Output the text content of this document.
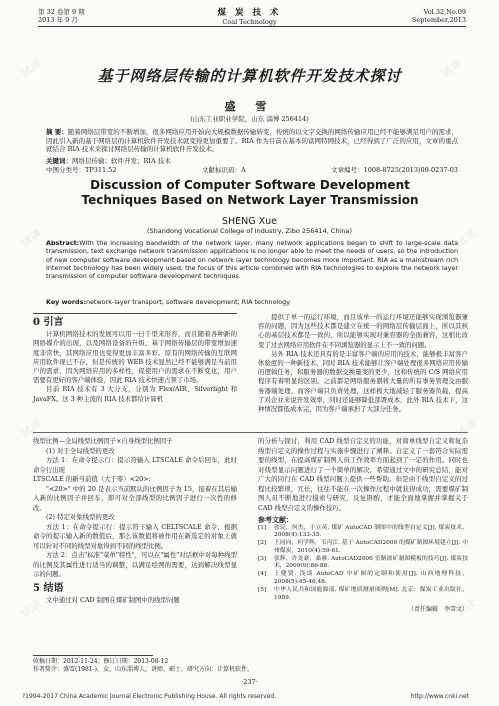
第 32 卷第 9 期
2013 年 9 月
煤 炭 技 术
Coal Technology
Vol.32,No.09
September,2013
基于网络层传输的计算机软件开发技术探讨
盛 雪
(山东工业职业学院，山东 淄博 256414)
摘 要：随着网络层带宽的不断增加，很多网络应用开始向大规模数据传输转变，传统的以文字交换的网络传输应用已经不能够满足用户的需求，因此引入新的基于网络层的计算机软件开发技术就变得更加重要了。RIA 作为目前在基本的富网特网技术，已经得到了广泛的应用，文章的重点就结合 RIA 技术来探讨网络层传输的计算机软件开发技术。
关键词：网络层传输；软件开发；RIA 技术
中图分类号：TP311.52	文献标识码：A	文章编号：1008-8725(2013)09-0237-03
Discussion of Computer Software Development Techniques Based on Network Layer Transmission
SHENG Xue
(Shandong Vocational College of Industry, Zibo 256414, China)
Abstract:With the increasing bandwidth of the network layer, many network applications began to shift to large-scale data transmission, text exchange network transmission applications is no longer able to meet the needs of users, so the introduction of new computer software development based on network layer technology becomes more important. RIA as a mainstream rich Internet technology has been widely used, the focus of this article combined with RIA technologies to explore the network layer transmission of computer software development techniques.
Key words:network-layer transport; software development; RIA technology
0 引言

计算机网络技术的发展可以用一日千里来形容，而且随着各种新的网络媒介的出现，以及网络设备的升级，基于网络传输层的带宽增加速度非常快，其网络应用也变得更加丰富多彩。原有的网络传输的互联网应用软件现已不存，但是传统的 WEB 技术显然已经不能够满足当前用户的需求，因为网络应用的多样性，促使用户的需求在不断变化，用户需要有更好的客户端体验，因此 RIA 技术快速占领了市场。

目前 RIA 技术有 3 大分支，分别为 Flex/AIR、Silverlight 和 JavaFX。这 3 种主流的 RIA 技术都给计算机

提供了单一的运行环境，而且该单一的运行环境还能够实现浏览器兼容的问题，因为这些技术都是建立在统一的网络层传输层面上，所以其核心的基层技术都是一致的，所以能够实现对兼容器的全面兼容，这相比改变了过去网络应用软件在不同浏览器的显示上不一致的问题。

另外 RIA 技术还具有的是丰富客户端的应用的技术，能够极丰富客户体验度的一种新技术，同时 RIA 技术能够让客户端处理很多网络应用传输的逻辑任务，和服务器的数据交换量变的更少，这和传统的 C/S 网络应用程序有着明显的区别。之前都是网络服务器将大量的所有事务管理交由服务器端处理，而客户端只负责处理，这样极大地减轻了服务器负载，提高了对企业来说开发效率，同时还能够降低部署成本，此外 RIA 技术下，这种情况都低成本完，因为客户端承担了大部分任务。

线型比例—全局线型比例因子×自身线型比例因子

(1) 对于全局线型的更改

方法 1：在命令提示行：提示符输入 LTSCALE 命令后回车，此时命令行出现

LTSCALE 的新当前值（大于零）<20>:

"<20>" 中的 20 是表示当前默认的比例因子为 15，接着在其后输入新的比例因子并回车，即可对全部线型的比例因子进行一次性的修改。

(2) 特定对象线型的更改

方法 1：在命令提示行：提示符下输入 CELTSCALE 命令，根据命令的提示输入新的数值后，那么该数值将被作用在新选定的对象上就可以针对不同的线型对象得到不同的线型比例。

方法 2：点击"标准"菜单"特性"，可以在"属性"对话框中对每种线型的比例及其属性进行适当的调整，以满足绘图的需要，达到解决线型显示的问题。

5 结语

文中通过对 CAD 制图在煤矿制图中的线型问题

的分析与探讨，利用 CAD 线型自定义的功能，对简单线型自定义和复杂线型自定义的操作过程与实施步骤进行了阐释。自定义了一套符合实际需要的线型，在提高煤矿制图人员工作效率方面起到了一定的作用。同时也对线型显示问题进行了一个简单的解决。希望通过文中的研究总结，能对广大的同行在 CAD 线型问题上提供一些帮助。但是由于线型自定义的过程比较繁琐，冗长，往往不能在一次操作过程中就获得成功，需要煤矿制图人员不断地进行摸索与研究，反复斟酌，才能全面地掌握并掌握关于 CAD 线型自定义的操作技巧。

参考文献：
[1]	张民，何杰，于立英. 煤矿 AutoCAD 制图中的线型自定义[J]. 煤炭技术，2008(4):133-35.
[2]	王同向，何学辉，韦丙江. 基于 AutoCAD2009 的煤矿制图环境建立[J]. 中州煤炭，2010(4):59-61.
[3]	张辉，许龙豪，桑睿. AutoCAD2006 室制深矿制图模板的技巧[J]. 煤炭技术，2009(9):86-88.
[4]	王健贤. 浅谈 AutoCAD 中矿图的定制和使用[J]. 山西地理科技，2008(5):45-46,48.
[5]	中华人民共和国能源部. 煤矿地质测量图例[M]. 北京：煤炭工业出版社，1989.
（责任编辑　李雪文）
收稿日期：2012-11-24；修订日期：2013-08-12
作者简介：盛雪(1981-)，女，山东淄博人，讲师，硕士，研究方向：计算机软件。
·237·
?1994-2017 China Academic Journal Electronic Publishing House. All rights reserved.	http://www.cnki.net
试读	试读
试读	试读
试读	试读
试读	试读
